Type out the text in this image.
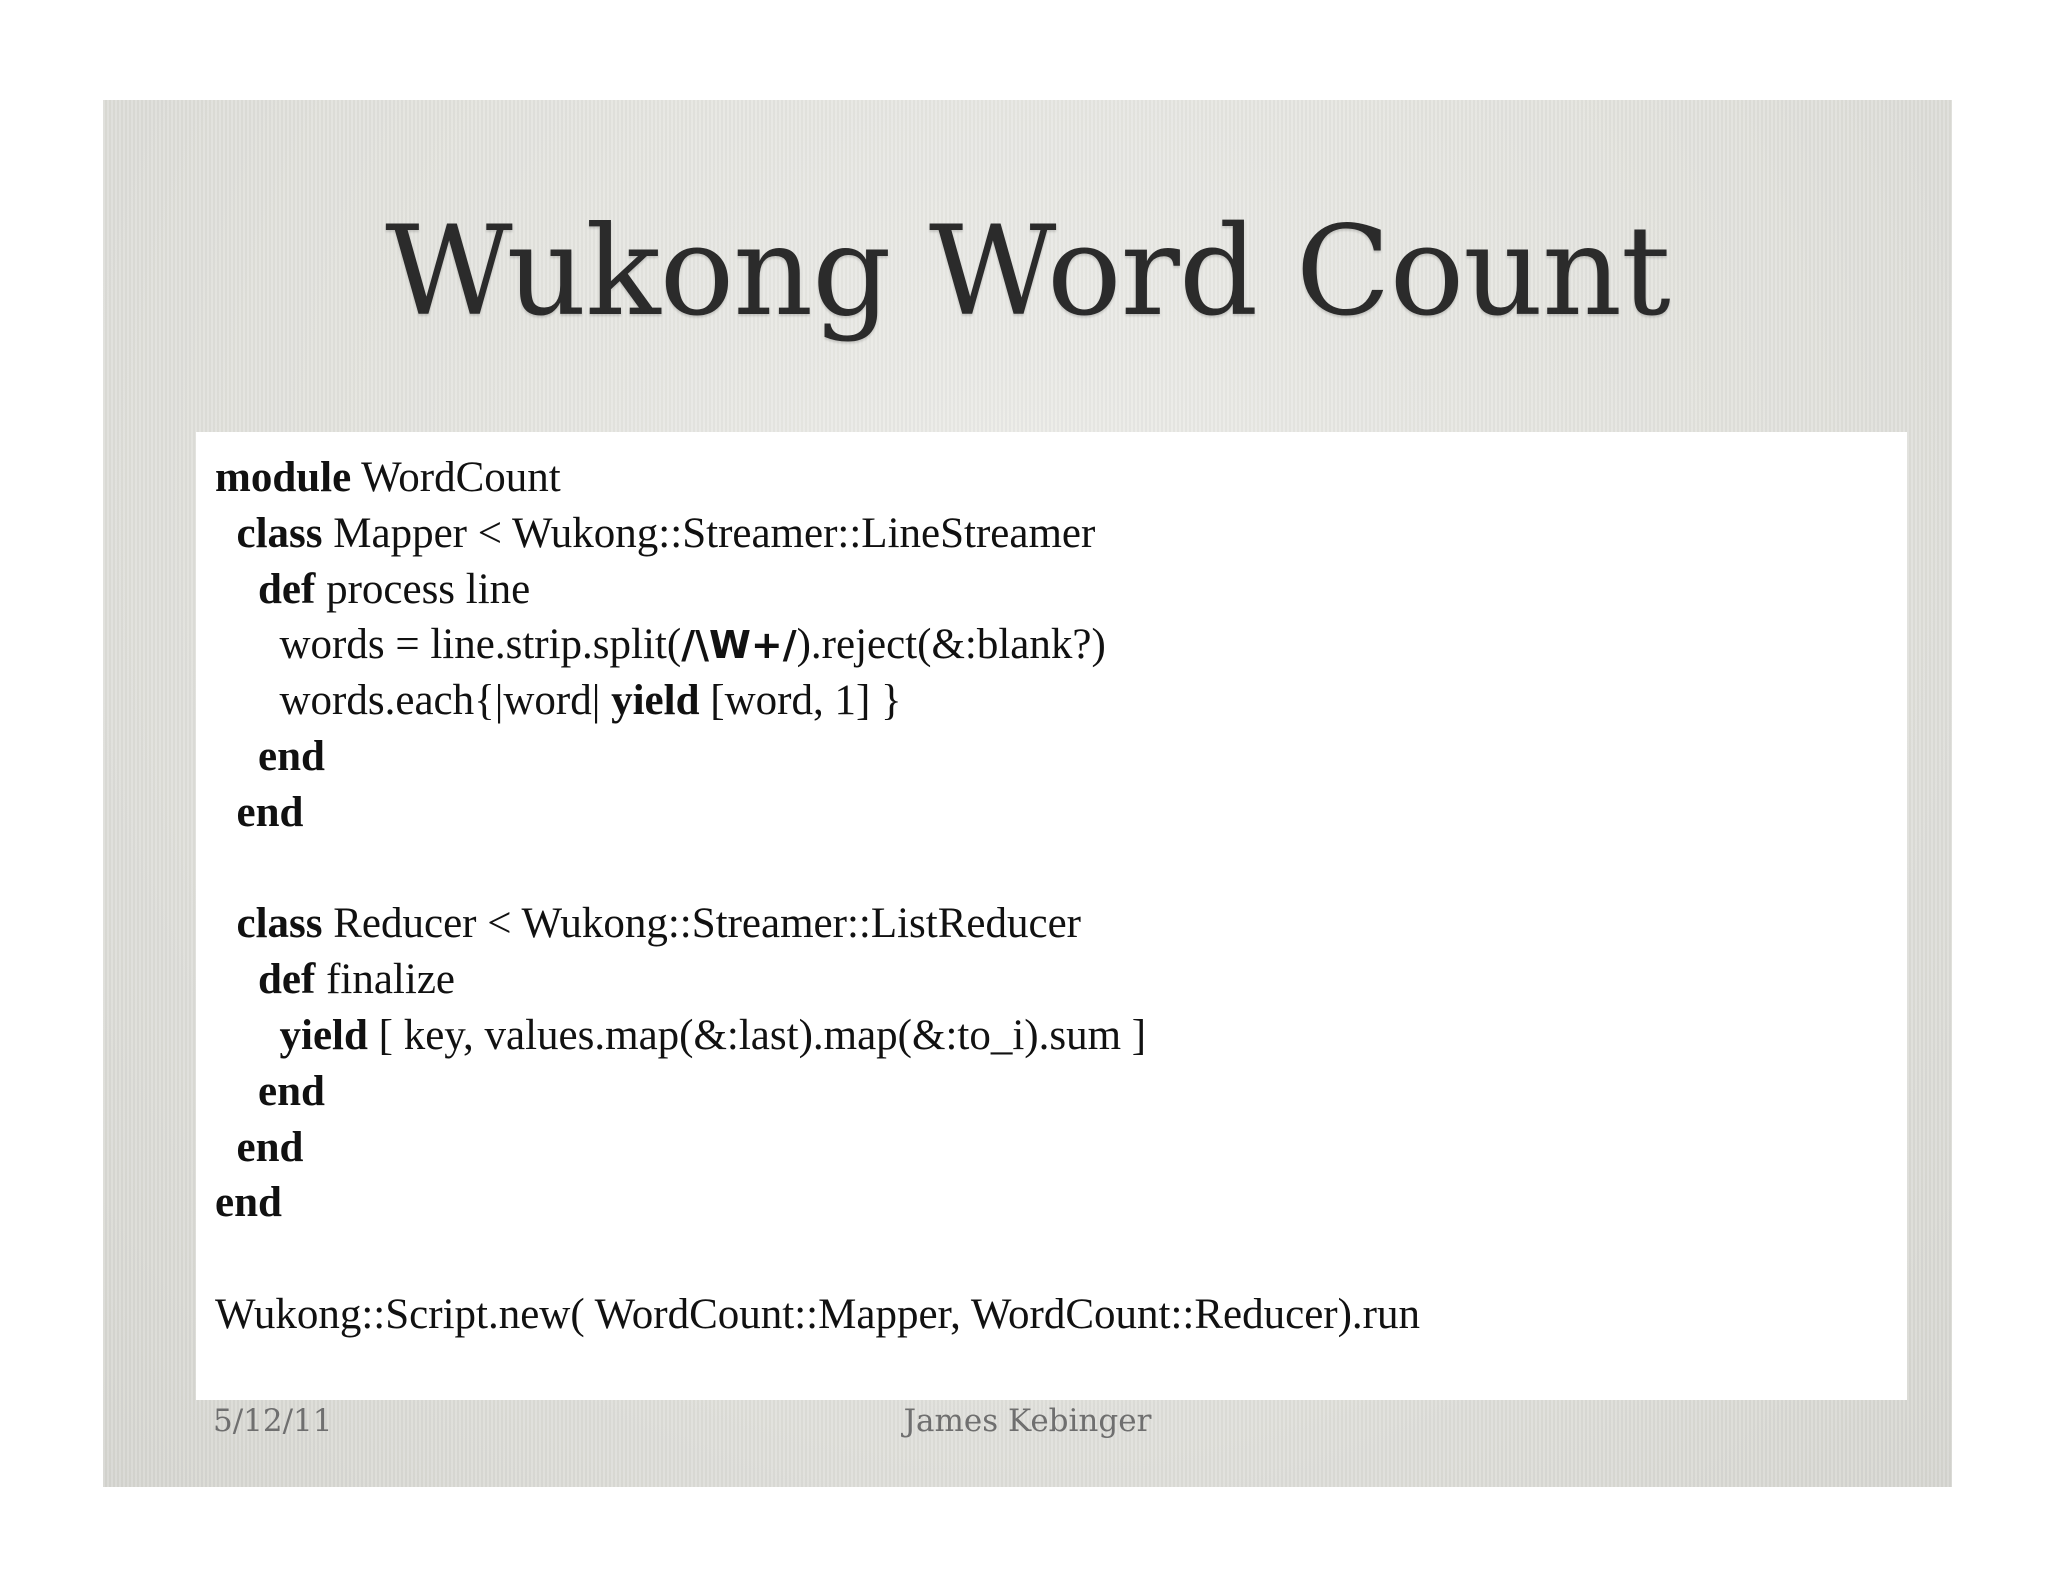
Wukong Word Count
module WordCount
class Mapper < Wukong::Streamer::LineStreamer
def process line
words = line.strip.split(/\W+/).reject(&:blank?)
words.each{|word| yield [word, 1] }
end
end
class Reducer < Wukong::Streamer::ListReducer
def finalize
yield [ key, values.map(&:last).map(&:to_i).sum ]
end
end
end
Wukong::Script.new( WordCount::Mapper, WordCount::Reducer).run
5/12/11	James Kebinger
